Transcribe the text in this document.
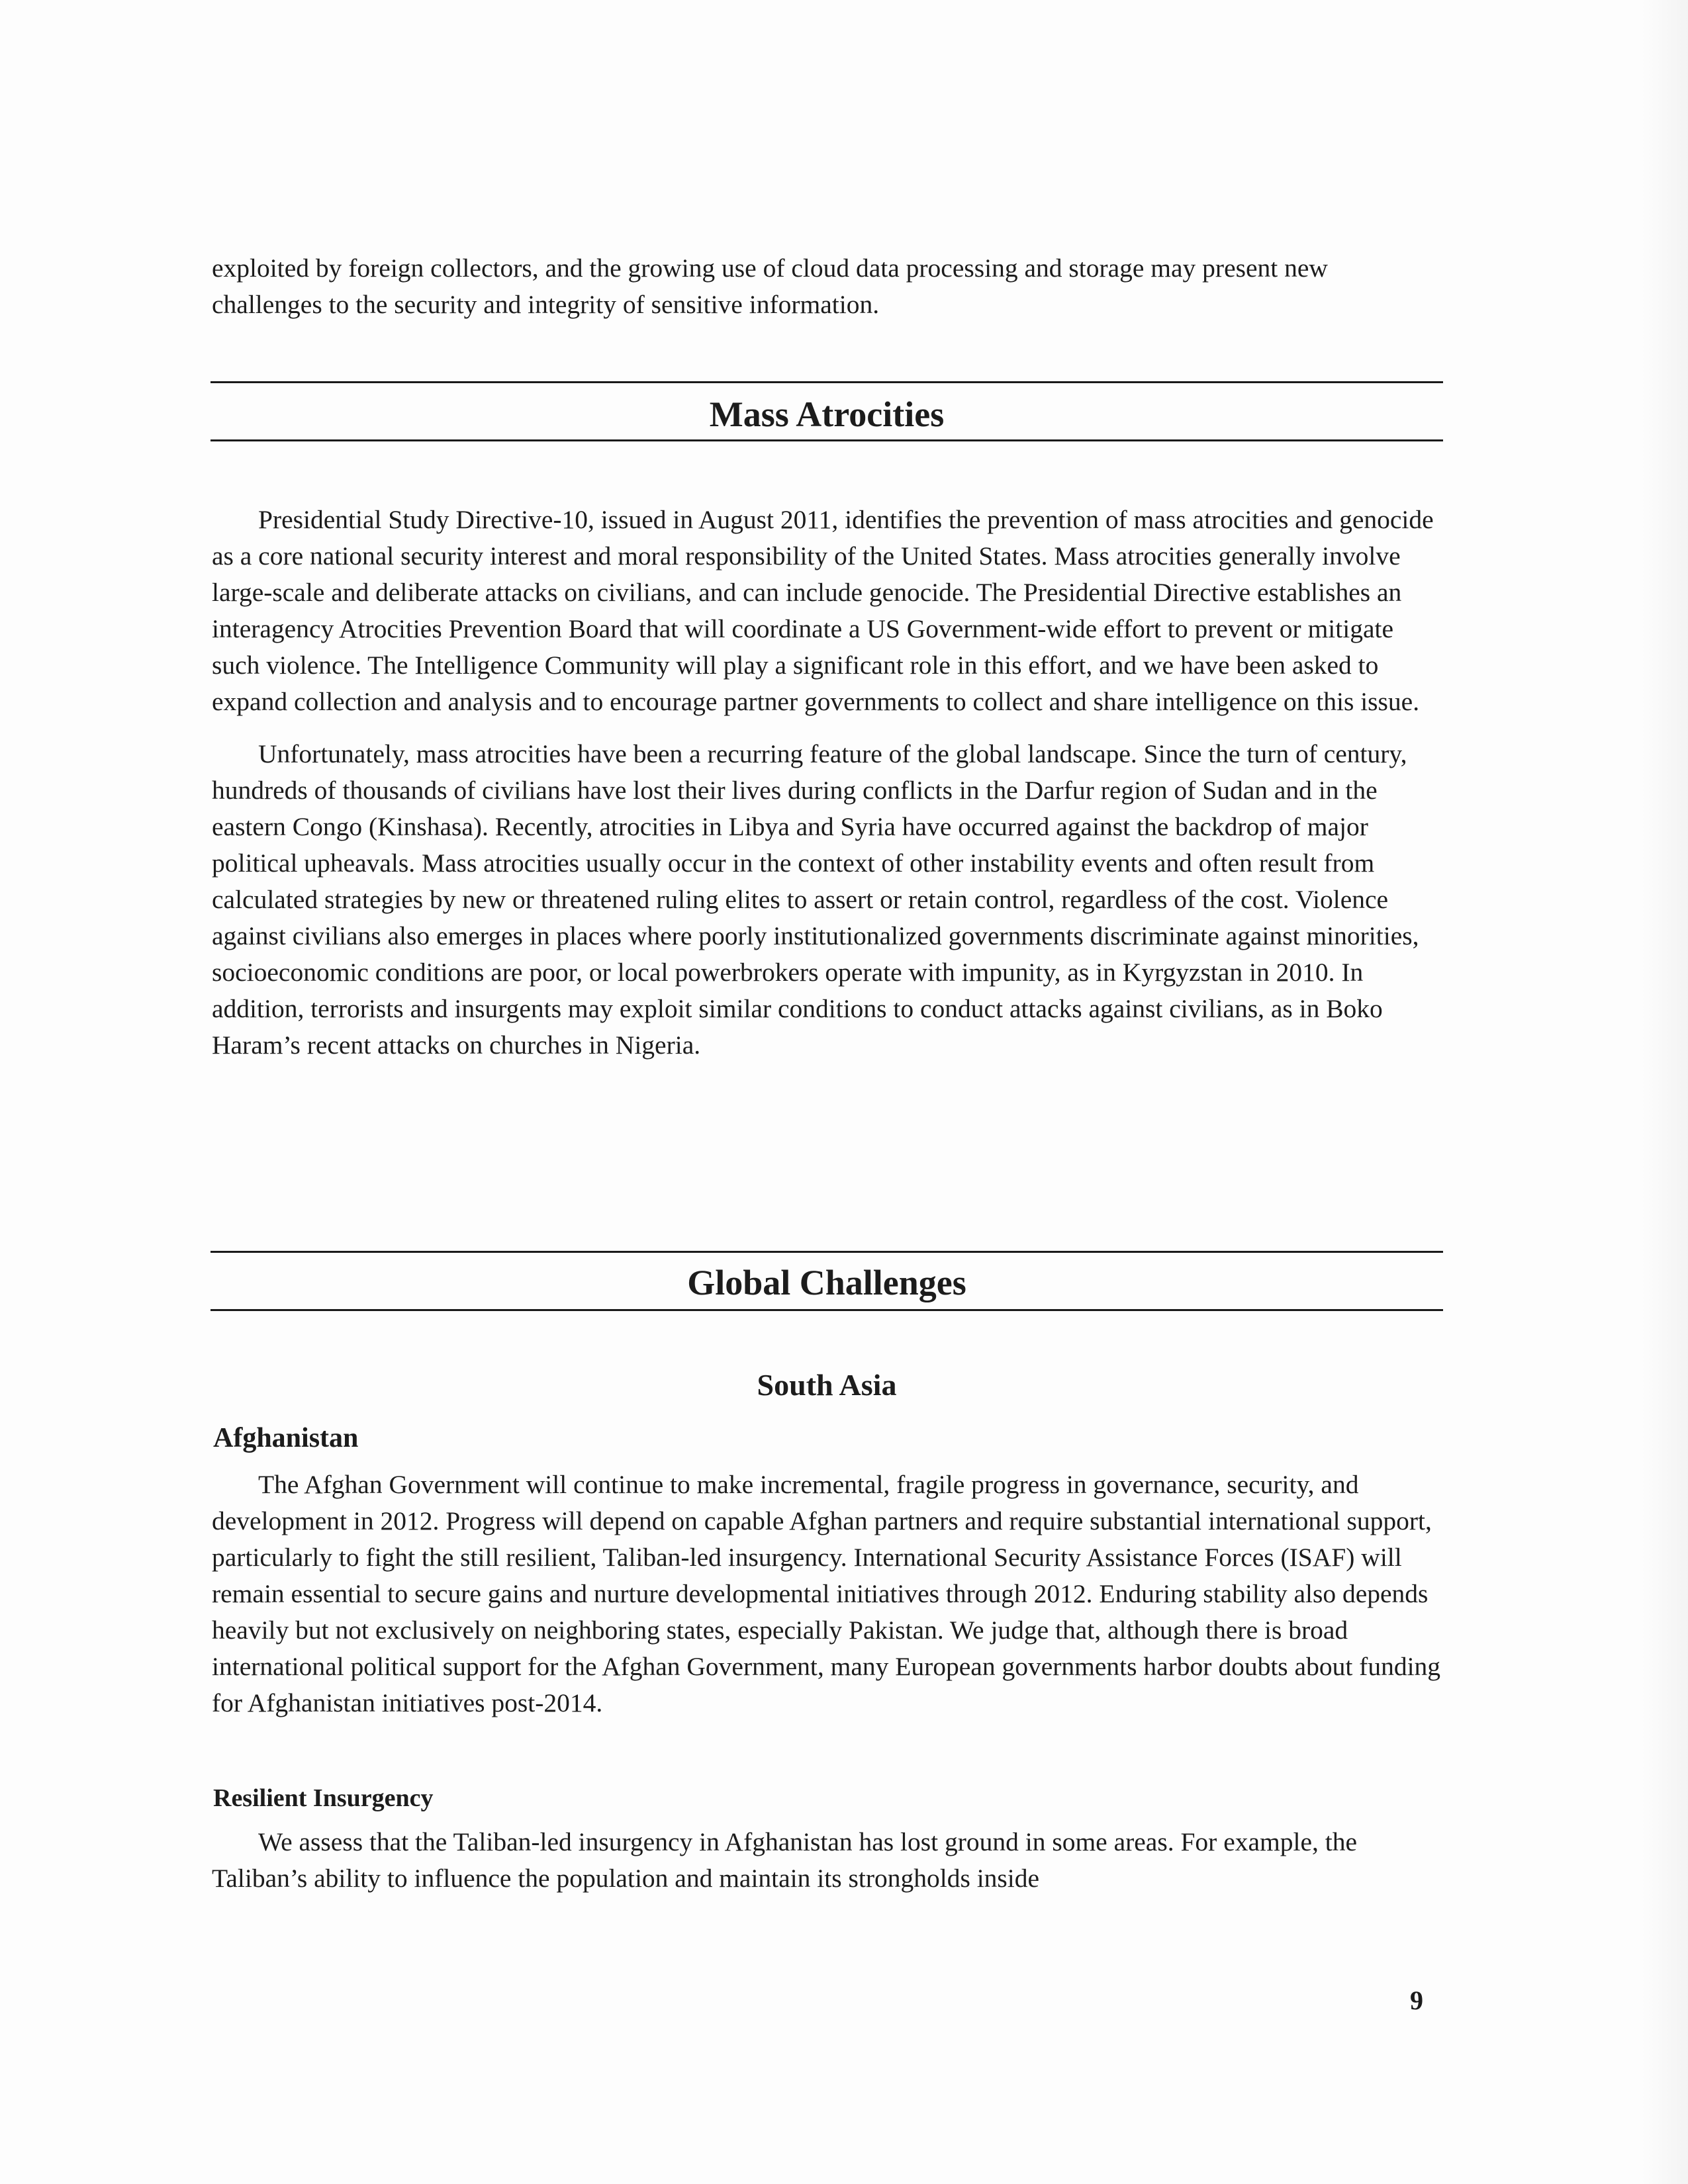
exploited by foreign collectors, and the growing use of cloud data processing and storage may present new challenges to the security and integrity of sensitive information.

Mass Atrocities

Presidential Study Directive-10, issued in August 2011, identifies the prevention of mass atrocities and genocide as a core national security interest and moral responsibility of the United States. Mass atrocities generally involve large-scale and deliberate attacks on civilians, and can include genocide. The Presidential Directive establishes an interagency Atrocities Prevention Board that will coordinate a US Government-wide effort to prevent or mitigate such violence. The Intelligence Community will play a significant role in this effort, and we have been asked to expand collection and analysis and to encourage partner governments to collect and share intelligence on this issue.

Unfortunately, mass atrocities have been a recurring feature of the global landscape. Since the turn of century, hundreds of thousands of civilians have lost their lives during conflicts in the Darfur region of Sudan and in the eastern Congo (Kinshasa). Recently, atrocities in Libya and Syria have occurred against the backdrop of major political upheavals. Mass atrocities usually occur in the context of other instability events and often result from calculated strategies by new or threatened ruling elites to assert or retain control, regardless of the cost. Violence against civilians also emerges in places where poorly institutionalized governments discriminate against minorities, socioeconomic conditions are poor, or local powerbrokers operate with impunity, as in Kyrgyzstan in 2010. In addition, terrorists and insurgents may exploit similar conditions to conduct attacks against civilians, as in Boko Haram’s recent attacks on churches in Nigeria.

Global Challenges
South Asia
Afghanistan

The Afghan Government will continue to make incremental, fragile progress in governance, security, and development in 2012. Progress will depend on capable Afghan partners and require substantial international support, particularly to fight the still resilient, Taliban-led insurgency. International Security Assistance Forces (ISAF) will remain essential to secure gains and nurture developmental initiatives through 2012. Enduring stability also depends heavily but not exclusively on neighboring states, especially Pakistan. We judge that, although there is broad international political support for the Afghan Government, many European governments harbor doubts about funding for Afghanistan initiatives post-2014.

Resilient Insurgency

We assess that the Taliban-led insurgency in Afghanistan has lost ground in some areas. For example, the Taliban’s ability to influence the population and maintain its strongholds inside

9
